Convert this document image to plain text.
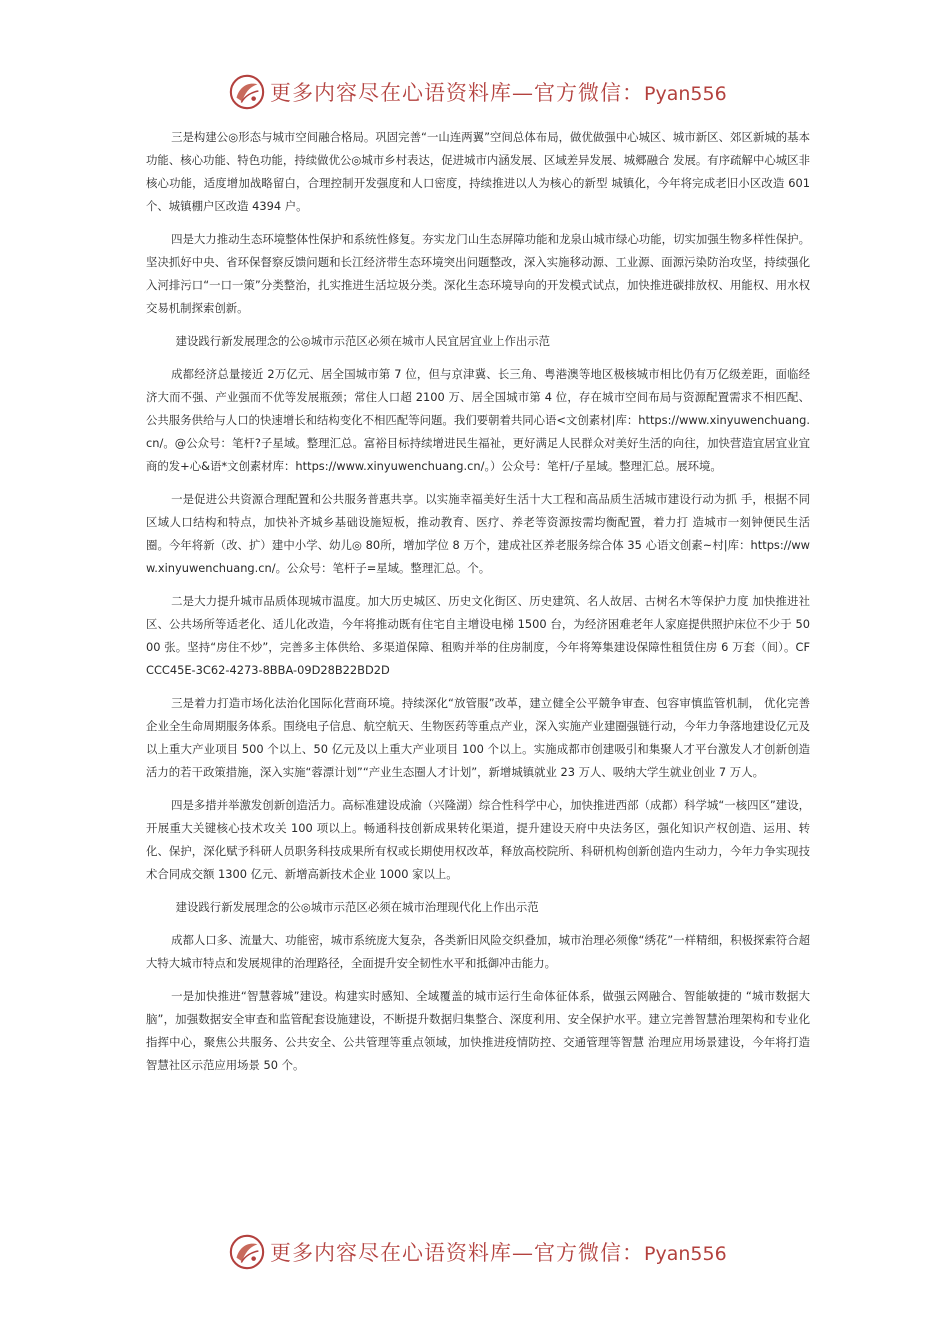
更多内容尽在心语资料库—官方微信：Pyan556

三是构建公◎形态与城市空间融合格局。巩固完善“一山连两翼”空间总体布局，做优做强中心城区、城市新区、郊区新城的基本功能、核心功能、特色功能，持续做优公◎城市乡村表达，促进城市内涵发展、区域差异发展、城郷融合 发展。有序疏解中心城区非核心功能，适度增加战略留白，合理控制开发强度和人口密度，持续推进以人为核心的新型 城镇化，今年将完成老旧小区改造 601 个、城镇棚户区改造 4394 户。

四是大力推动生态环境整体性保护和系统性修复。夯实龙门山生态屏障功能和龙泉山城市绿心功能，切实加强生物多样性保护。坚决抓好中央、省环保督察反馈问题和长江经济带生态环境突出问题整改，深入实施移动源、工业源、面源污染防治攻坚，持续强化入河排污口“一口一策”分类整治，扎实推进生活垃圾分类。深化生态环境导向的开发模式试点，加快推进碳排放权、用能权、用水权交易机制探索创新。

建设践行新发展理念的公◎城市示范区必须在城市人民宜居宜业上作出示范

成都经济总量接近 2万亿元、居全国城市第 7 位，但与京津冀、长三角、粤港澳等地区极核城市相比仍有万亿级差距，面临经济大而不强、产业强而不优等发展瓶颈；常住人口超 2100 万、居全国城市第 4 位，存在城市空间布局与资源配置需求不相匹配、公共服务供给与人口的快速增长和结构变化不相匹配等问题。我们要朝着共同心语<文创素材|库：https://www.xinyuwenchuang.cn/。@公众号：笔杆?子星域。整理汇总。富裕目标持续增进民生福祉，更好满足人民群众对美好生活的向往，加快营造宜居宜业宜商的发+心&语*文创素材库：https://www.xinyuwenchuang.cn/。）公众号：笔杆/子星域。整理汇总。展环境。

一是促进公共资源合理配置和公共服务普惠共享。以实施幸福美好生活十大工程和高品质生活城市建设行动为抓 手，根据不同区域人口结构和特点，加快补齐城乡基础设施短板，推动教育、医疗、养老等资源按需均衡配置，着力打 造城市一刻钟便民生活圈。今年将新（改、扩）建中小学、幼儿◎ 80所，增加学位 8 万个，建成社区养老服务综合体 35 心语文创素~村|库：https://www.xinyuwenchuang.cn/。公众号：笔杆子=星域。整理汇总。个。

二是大力提升城市品质体现城市温度。加大历史城区、历史文化街区、历史建筑、名人故居、古树名木等保护力度 加快推进社区、公共场所等适老化、适儿化改造，今年将推动既有住宅自主增设电梯 1500 台，为经济困难老年人家庭提供照护床位不少于 5000 张。坚持“房住不炒”，完善多主体供给、多渠道保障、租购并举的住房制度，今年将筹集建设保障性租赁住房 6 万套（间）。CFCCC45E-3C62-4273-8BBA-09D28B22BD2D

三是着力打造市场化法治化国际化营商环境。持续深化“放管服”改革，建立健全公平競争审查、包容审慎监管机制， 优化完善企业全生命周期服务体系。围绕电子信息、航空航天、生物医药等重点产业，深入实施产业建圈强链行动，今年力争落地建设亿元及以上重大产业项目 500 个以上、50 亿元及以上重大产业项目 100 个以上。实施成都市创建吸引和集聚人才平台激发人才创新创造活力的若干政策措施，深入实施“蓉漂计划”“产业生态圈人才计划”，新增城镇就业 23 万人、吸纳大学生就业创业 7 万人。

四是多措并举激发创新创造活力。高标准建设成渝（兴隆湖）综合性科学中心，加快推进西部（成都）科学城“一核四区”建设，开展重大关键核心技术攻关 100 项以上。畅通科技创新成果转化渠道，提升建设天府中央法务区，强化知识产权创造、运用、转化、保护，深化赋予科研人员职务科技成果所有权或长期使用权改革，释放高校院所、科研机构创新创造内生动力，今年力争实现技术合同成交额 1300 亿元、新增高新技术企业 1000 家以上。

建设践行新发展理念的公◎城市示范区必须在城市治理现代化上作出示范

成都人口多、流量大、功能密，城市系统庞大复杂，各类新旧风险交织叠加，城市治理必须像“绣花”一样精细，积极探索符合超大特大城市特点和发展规律的治理路径，全面提升安全韧性水平和抵御冲击能力。

一是加快推进“智慧蓉城”建设。构建实时感知、全域覆盖的城市运行生命体征体系，做强云网融合、智能敏捷的 “城市数据大脑”，加强数据安全审查和监管配套设施建设，不断提升数据归集整合、深度利用、安全保护水平。建立完善智慧治理架构和专业化指挥中心，聚焦公共服务、公共安全、公共管理等重点领域，加快推进疫情防控、交通管理等智慧 治理应用场景建设，今年将打造智慧社区示范应用场景 50 个。

更多内容尽在心语资料库—官方微信：Pyan556
